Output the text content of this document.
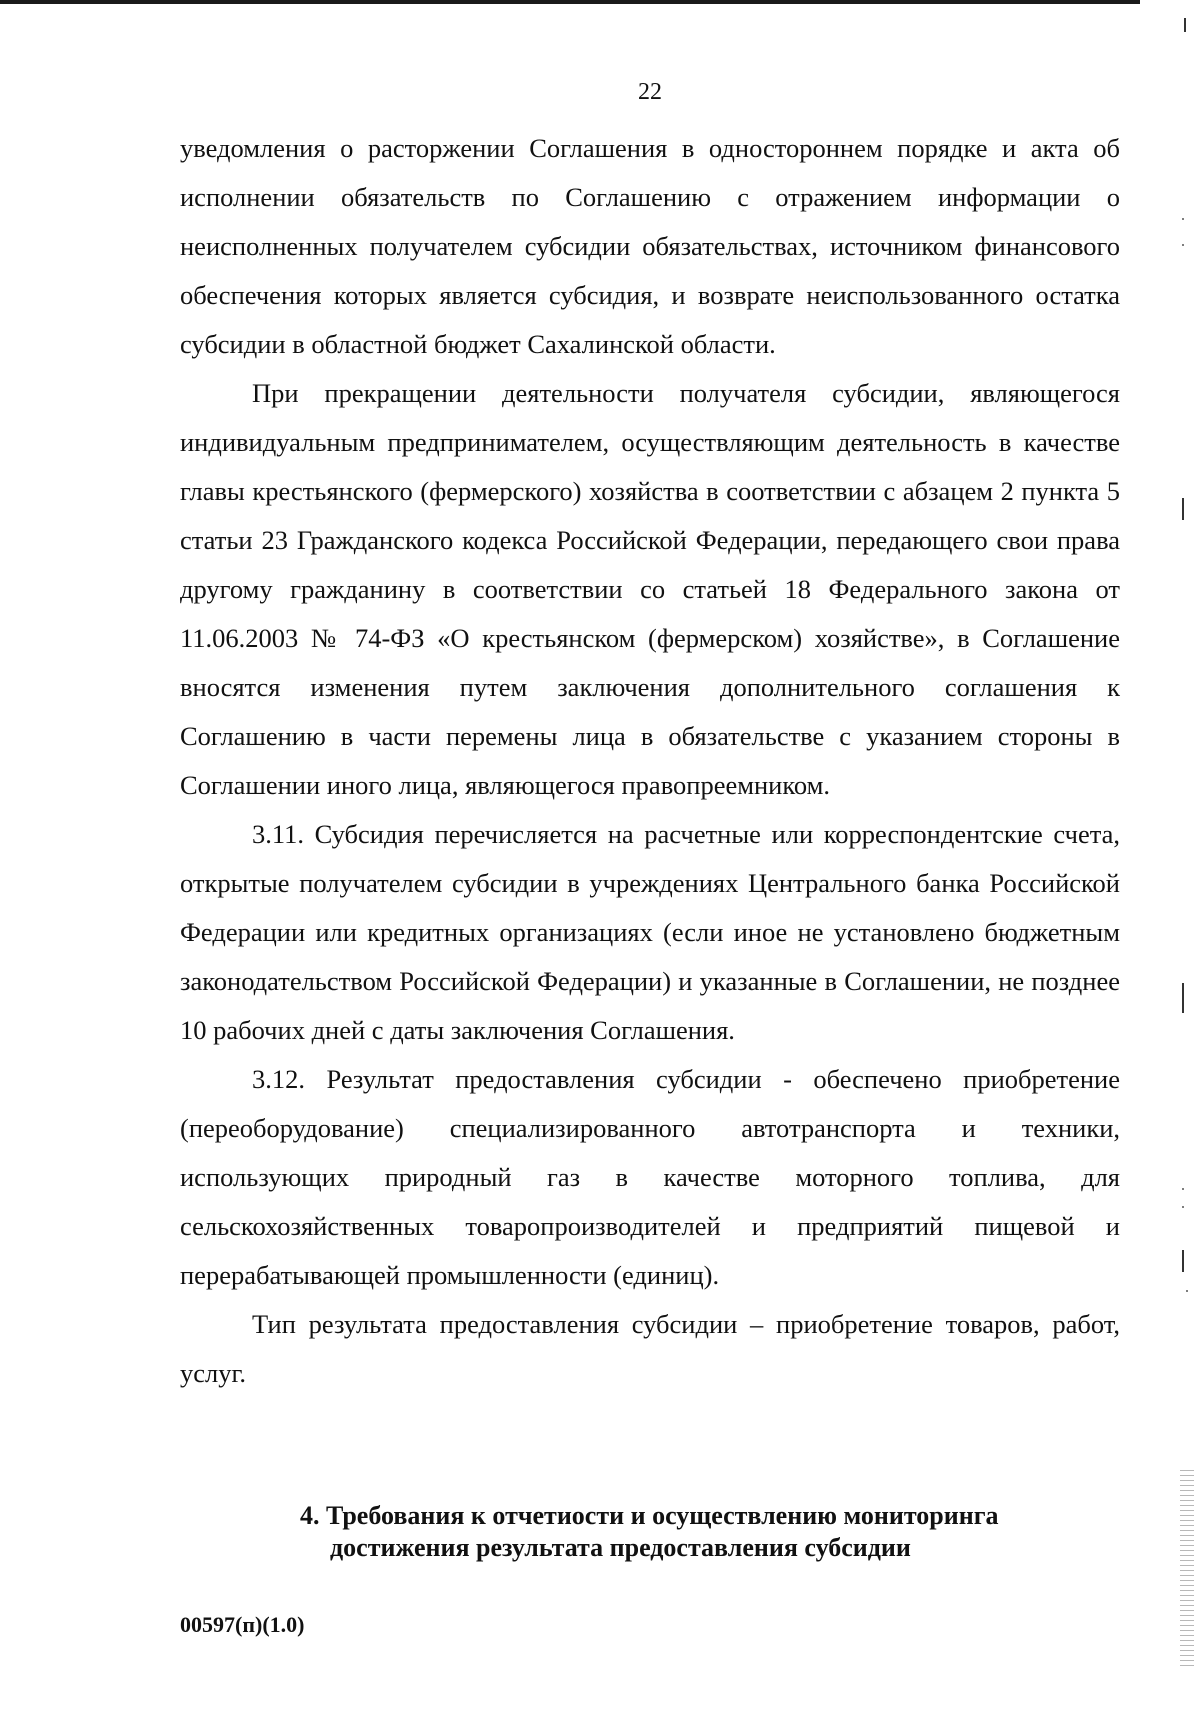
22

уведомления о расторжении Соглашения в одностороннем порядке и акта об исполнении обязательств по Соглашению с отражением информации о неисполненных получателем субсидии обязательствах, источником финансового обеспечения которых является субсидия, и возврате неиспользованного остатка субсидии в областной бюджет Сахалинской области.

При прекращении деятельности получателя субсидии, являющегося индивидуальным предпринимателем, осуществляющим деятельность в качестве главы крестьянского (фермерского) хозяйства в соответствии с абзацем 2 пункта 5 статьи 23 Гражданского кодекса Российской Федерации, передающего свои права другому гражданину в соответствии со статьей 18 Федерального закона от 11.06.2003 № 74-ФЗ «О крестьянском (фермерском) хозяйстве», в Соглашение вносятся изменения путем заключения дополнительного соглашения к Соглашению в части перемены лица в обязательстве с указанием стороны в Соглашении иного лица, являющегося правопреемником.

3.11. Субсидия перечисляется на расчетные или корреспондентские счета, открытые получателем субсидии в учреждениях Центрального банка Российской Федерации или кредитных организациях (если иное не установлено бюджетным законодательством Российской Федерации) и указанные в Соглашении, не позднее 10 рабочих дней с даты заключения Соглашения.

3.12. Результат предоставления субсидии - обеспечено приобретение (переоборудование) специализированного автотранспорта и техники, использующих природный газ в качестве моторного топлива, для сельскохозяйственных товаропроизводителей и предприятий пищевой и перерабатывающей промышленности (единиц).

Тип результата предоставления субсидии – приобретение товаров, работ, услуг.

4. Требования к отчетиости и осуществлению мониторинга
достижения результата предоставления субсидии
00597(п)(1.0)
